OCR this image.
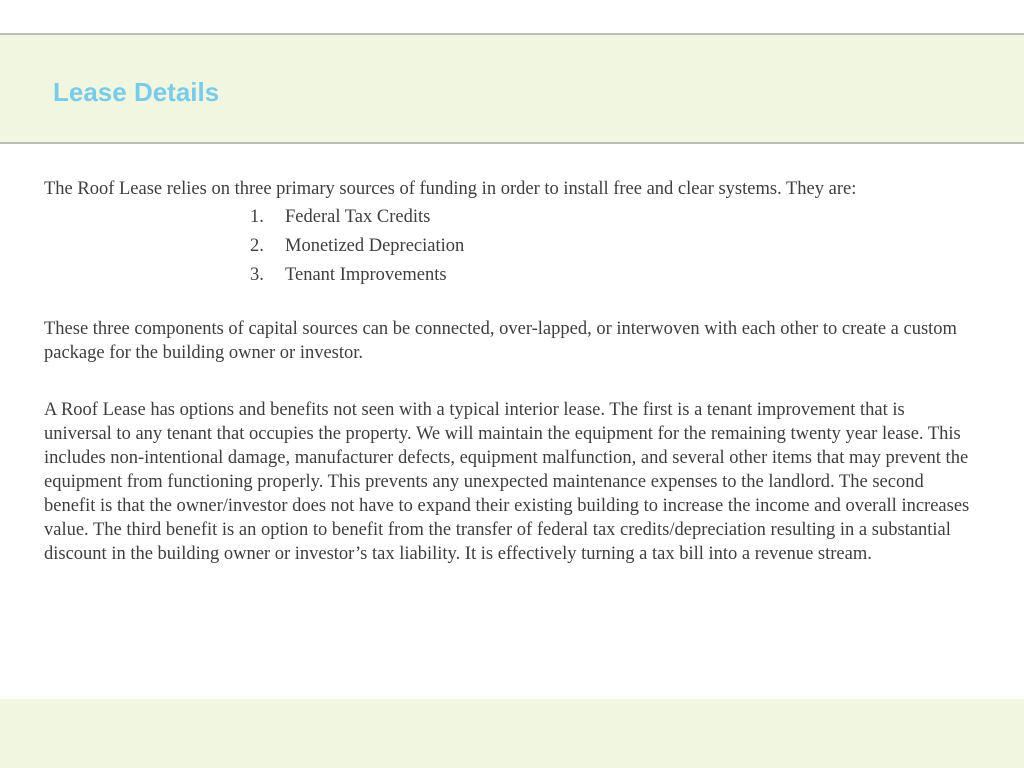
Lease Details

The Roof Lease relies on three primary sources of funding in order to install free and clear systems. They are:

1. Federal Tax Credits
2. Monetized Depreciation
3. Tenant Improvements

These three components of capital sources can be connected, over-lapped, or interwoven with each other to create a custom package for the building owner or investor.

A Roof Lease has options and benefits not seen with a typical interior lease. The first is a tenant improvement that is universal to any tenant that occupies the property. We will maintain the equipment for the remaining twenty year lease. This includes non-intentional damage, manufacturer defects, equipment malfunction, and several other items that may prevent the equipment from functioning properly. This prevents any unexpected maintenance expenses to the landlord. The second benefit is that the owner/investor does not have to expand their existing building to increase the income and overall increases value. The third benefit is an option to benefit from the transfer of federal tax credits/depreciation resulting in a substantial discount in the building owner or investor’s tax liability. It is effectively turning a tax bill into a revenue stream.
